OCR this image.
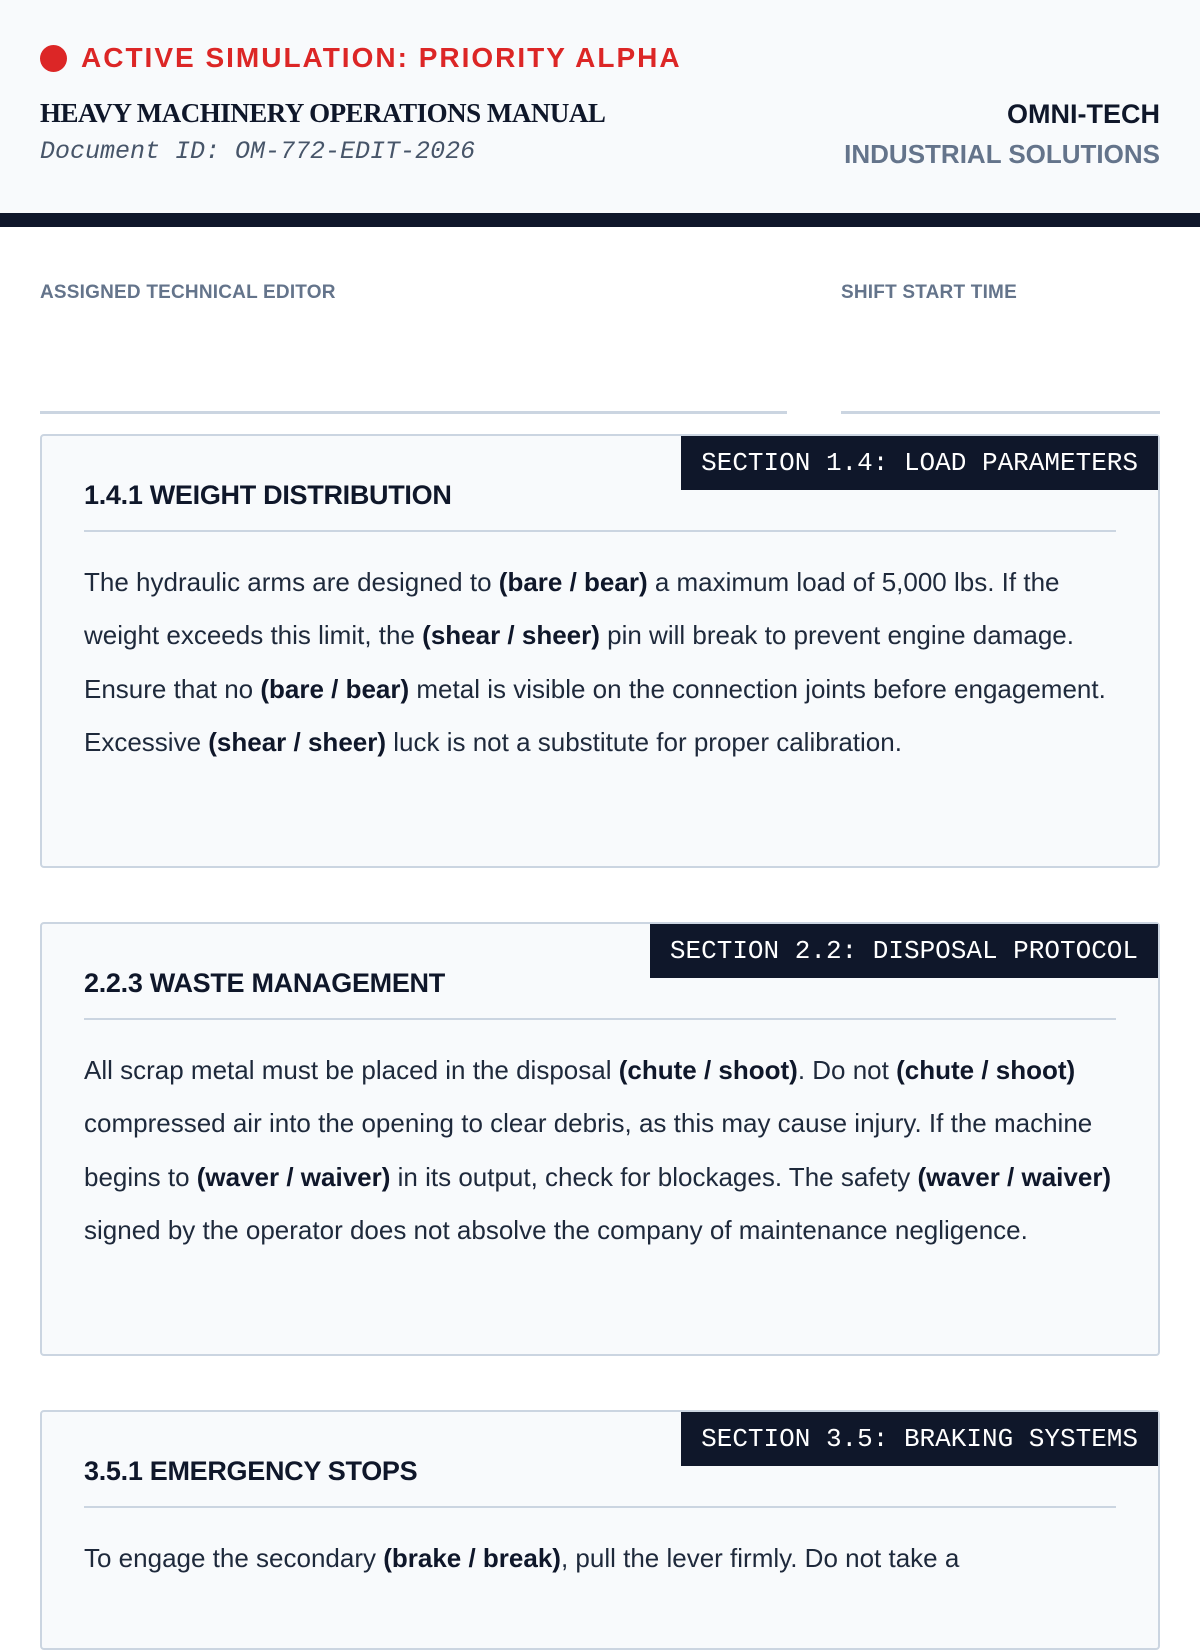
ACTIVE SIMULATION: PRIORITY ALPHA
HEAVY MACHINERY OPERATIONS MANUAL
Document ID: OM-772-EDIT-2026
OMNI-TECH
INDUSTRIAL SOLUTIONS
ASSIGNED TECHNICAL EDITOR	SHIFT START TIME
SECTION 1.4: LOAD PARAMETERS
1.4.1 WEIGHT DISTRIBUTION

The hydraulic arms are designed to (bare / bear) a maximum load of 5,000 lbs. If the weight exceeds this limit, the (shear / sheer) pin will break to prevent engine damage. Ensure that no (bare / bear) metal is visible on the connection joints before engagement. Excessive (shear / sheer) luck is not a substitute for proper calibration.

SECTION 2.2: DISPOSAL PROTOCOL
2.2.3 WASTE MANAGEMENT

All scrap metal must be placed in the disposal (chute / shoot). Do not (chute / shoot) compressed air into the opening to clear debris, as this may cause injury. If the machine begins to (waver / waiver) in its output, check for blockages. The safety (waver / waiver) signed by the operator does not absolve the company of maintenance negligence.

SECTION 3.5: BRAKING SYSTEMS
3.5.1 EMERGENCY STOPS

To engage the secondary (brake / break), pull the lever firmly. Do not take a
